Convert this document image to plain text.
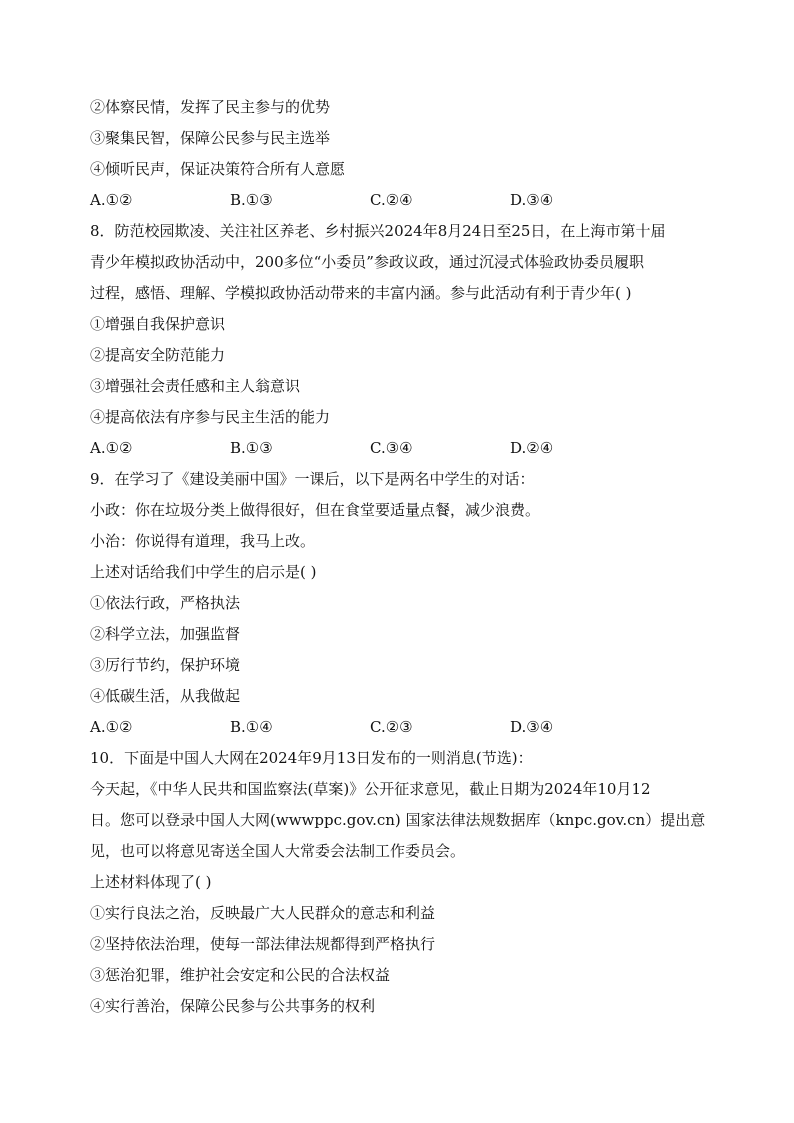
②体察民情，发挥了民主参与的优势
③聚集民智，保障公民参与民主选举
④倾听民声，保证决策符合所有人意愿
A.①②	B.①③	C.②④	D.③④
8．防范校园欺凌、关注社区养老、乡村振兴2024年8月24日至25日，在上海市第十届
青少年模拟政协活动中，200多位“小委员”参政议政，通过沉浸式体验政协委员履职
过程，感悟、理解、学模拟政协活动带来的丰富内涵。参与此活动有利于青少年( )
①增强自我保护意识
②提高安全防范能力
③增强社会责任感和主人翁意识
④提高依法有序参与民主生活的能力
A.①②	B.①③	C.③④	D.②④
9．在学习了《建设美丽中国》一课后，以下是两名中学生的对话：
小政：你在垃圾分类上做得很好，但在食堂要适量点餐，减少浪费。
小治：你说得有道理，我马上改。
上述对话给我们中学生的启示是( )
①依法行政，严格执法
②科学立法，加强监督
③厉行节约，保护环境
④低碳生活，从我做起
A.①②	B.①④	C.②③	D.③④
10．下面是中国人大网在2024年9月13日发布的一则消息(节选)：
今天起，《中华人民共和国监察法(草案)》公开征求意见，截止日期为2024年10月12
日。您可以登录中国人大网(wwwppc.gov.cn) 国家法律法规数据库（knpc.gov.cn）提出意
见，也可以将意见寄送全国人大常委会法制工作委员会。
上述材料体现了( )
①实行良法之治，反映最广大人民群众的意志和利益
②坚持依法治理，使每一部法律法规都得到严格执行
③惩治犯罪，维护社会安定和公民的合法权益
④实行善治，保障公民参与公共事务的权利
